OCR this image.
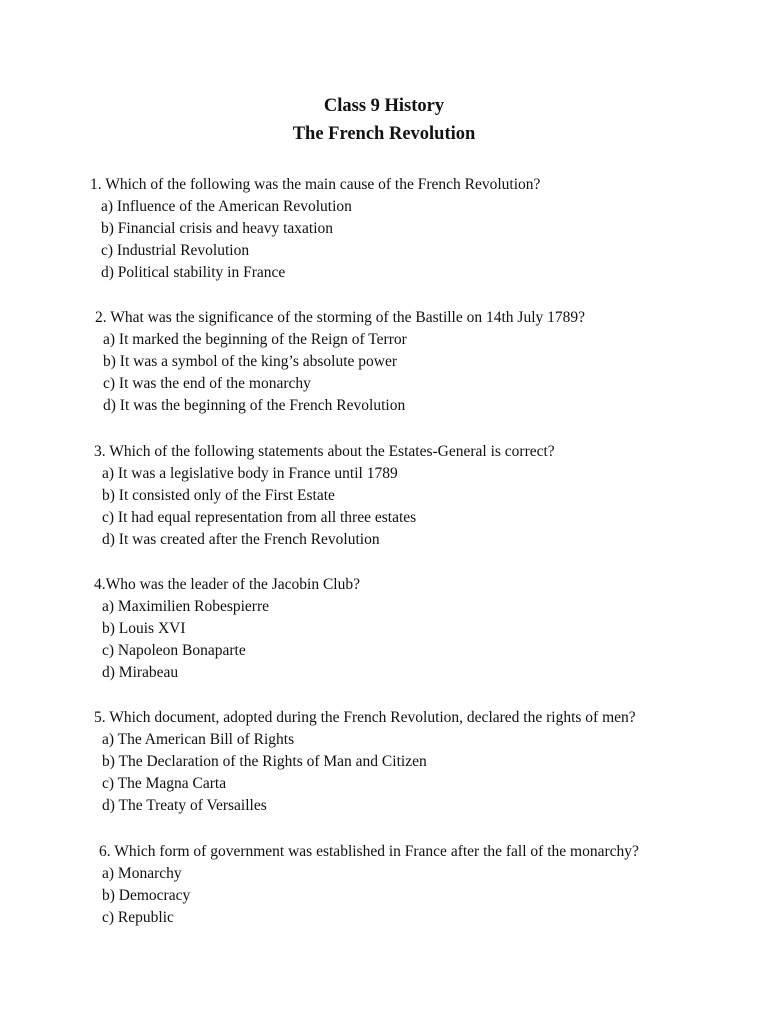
Class 9 History
The French Revolution
1. Which of the following was the main cause of the French Revolution?
a) Influence of the American Revolution
b) Financial crisis and heavy taxation
c) Industrial Revolution
d) Political stability in France
2. What was the significance of the storming of the Bastille on 14th July 1789?
a) It marked the beginning of the Reign of Terror
b) It was a symbol of the king’s absolute power
c) It was the end of the monarchy
d) It was the beginning of the French Revolution
3. Which of the following statements about the Estates-General is correct?
a) It was a legislative body in France until 1789
b) It consisted only of the First Estate
c) It had equal representation from all three estates
d) It was created after the French Revolution
4.Who was the leader of the Jacobin Club?
a) Maximilien Robespierre
b) Louis XVI
c) Napoleon Bonaparte
d) Mirabeau
5. Which document, adopted during the French Revolution, declared the rights of men?
a) The American Bill of Rights
b) The Declaration of the Rights of Man and Citizen
c) The Magna Carta
d) The Treaty of Versailles
6. Which form of government was established in France after the fall of the monarchy?
a) Monarchy
b) Democracy
c) Republic
